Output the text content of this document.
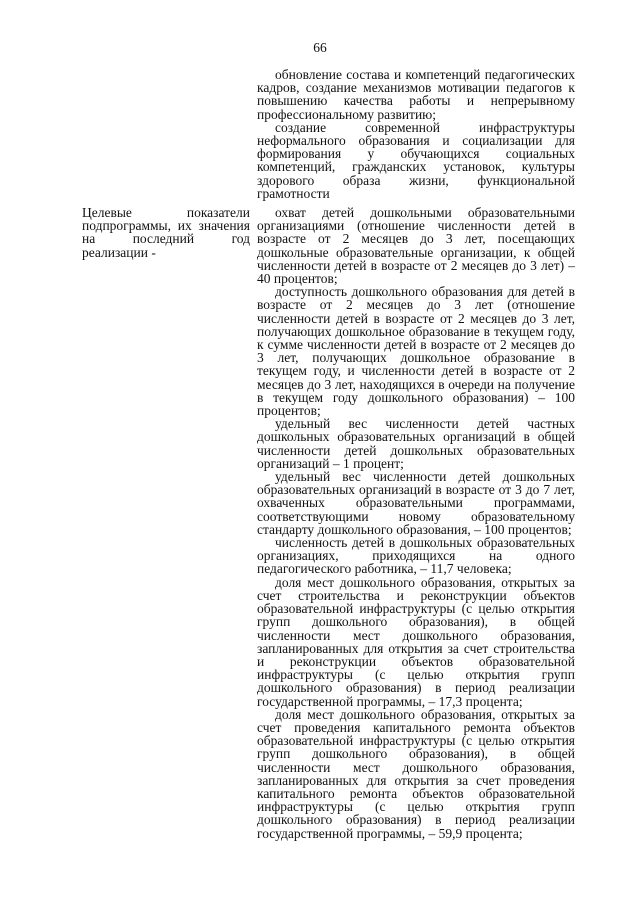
66

обновление состава и компетенций педагогических кадров, создание механизмов мотивации педагогов к повышению качества работы и непрерывному профессиональному развитию;

создание современной инфраструктуры неформального образования и социализации для формирования у обучающихся социальных компетенций, гражданских установок, культуры здорового образа жизни, функциональной грамотности

Целевые показатели подпрограммы, их значения на последний год реализации -

охват детей дошкольными образовательными организациями (отношение численности детей в возрасте от 2 месяцев до 3 лет, посещающих дошкольные образовательные организации, к общей численности детей в возрасте от 2 месяцев до 3 лет) – 40 процентов;

доступность дошкольного образования для детей в возрасте от 2 месяцев до 3 лет (отношение численности детей в возрасте от 2 месяцев до 3 лет, получающих дошкольное образование в текущем году, к сумме численности детей в возрасте от 2 месяцев до 3 лет, получающих дошкольное образование в текущем году, и численности детей в возрасте от 2 месяцев до 3 лет, находящихся в очереди на получение в текущем году дошкольного образования) – 100 процентов;

удельный вес численности детей частных дошкольных образовательных организаций в общей численности детей дошкольных образовательных организаций – 1 процент;

удельный вес численности детей дошкольных образовательных организаций в возрасте от 3 до 7 лет, охваченных образовательными программами, соответствующими новому образовательному стандарту дошкольного образования, – 100 процентов;

численность детей в дошкольных образовательных организациях, приходящихся на одного педагогического работника, – 11,7 человека;

доля мест дошкольного образования, открытых за счет строительства и реконструкции объектов образовательной инфраструктуры (с целью открытия групп дошкольного образования), в общей численности мест дошкольного образования, запланированных для открытия за счет строительства и реконструкции объектов образовательной инфраструктуры (с целью открытия групп дошкольного образования) в период реализации государственной программы, – 17,3 процента;

доля мест дошкольного образования, открытых за счет проведения капитального ремонта объектов образовательной инфраструктуры (с целью открытия групп дошкольного образования), в общей численности мест дошкольного образования, запланированных для открытия за счет проведения капитального ремонта объектов образовательной инфраструктуры (с целью открытия групп дошкольного образования) в период реализации государственной программы, – 59,9 процента;
